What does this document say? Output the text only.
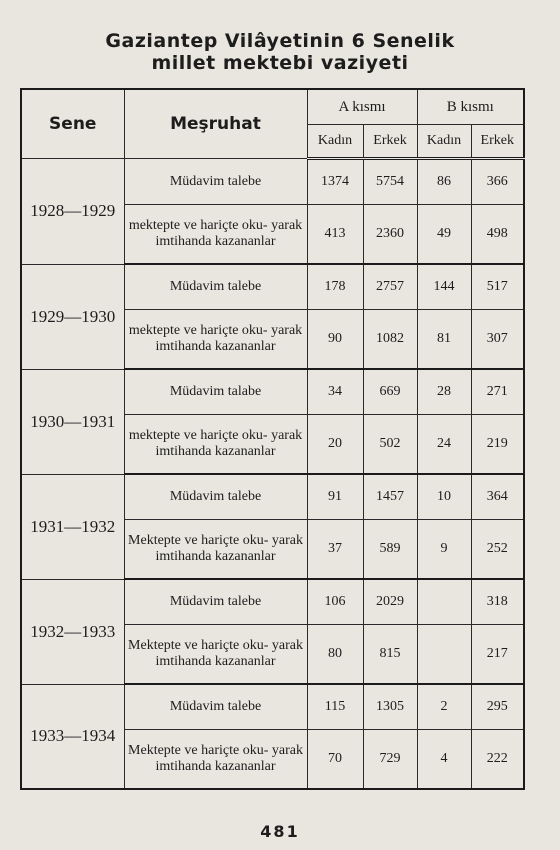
Gaziantep Vilâyetinin 6 Senelik
millet mektebi vaziyeti
Sene	Meşruhat	A kısmı		B kısmı	
		Kadın	Erkek	Kadın	Erkek
1928—1929	Müdavim talebe	1374	5754	86	366
	mektepte ve hariçte oku- yarak imtihanda kazananlar	413	2360	49	498
1929—1930	Müdavim talebe	178	2757	144	517
	mektepte ve hariçte oku- yarak imtihanda kazananlar	90	1082	81	307
1930—1931	Müdavim talabe	34	669	28	271
	mektepte ve hariçte oku- yarak imtihanda kazananlar	20	502	24	219
1931—1932	Müdavim talebe	91	1457	10	364
	Mektepte ve hariçte oku- yarak imtihanda kazananlar	37	589	9	252
1932—1933	Müdavim talebe	106	2029		318
	Mektepte ve hariçte oku- yarak imtihanda kazananlar	80	815		217
1933—1934	Müdavim talebe	115	1305	2	295
	Mektepte ve hariçte oku- yarak imtihanda kazananlar	70	729	4	222
481
